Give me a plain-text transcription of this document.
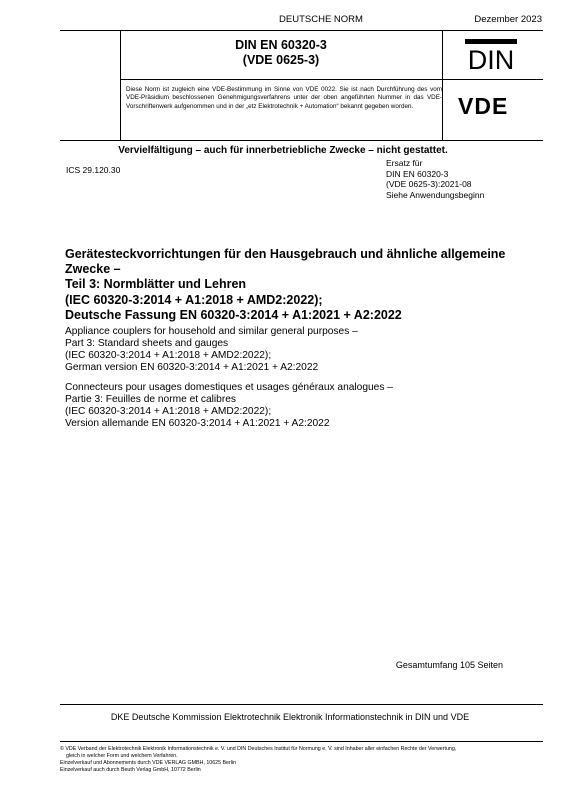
DEUTSCHE NORM	Dezember 2023
DIN EN 60320-3
(VDE 0625-3)
Diese Norm ist zugleich eine VDE-Bestimmung im Sinne von VDE 0022. Sie ist nach Durchführung des vom VDE-Präsidium beschlossenen Genehmigungsverfahrens unter der oben angeführten Nummer in das VDE-Vorschriftenwerk aufgenommen und in der „etz Elektrotechnik + Automation“ bekannt gegeben worden.
DIN
VDE
Vervielfältigung – auch für innerbetriebliche Zwecke – nicht gestattet.
ICS 29.120.30
Ersatz für
DIN EN 60320-3
(VDE 0625-3):2021-08
Siehe Anwendungsbeginn
Gerätesteckvorrichtungen für den Hausgebrauch und ähnliche allgemeine
Zwecke –
Teil 3: Normblätter und Lehren
(IEC 60320-3:2014 + A1:2018 + AMD2:2022);
Deutsche Fassung EN 60320-3:2014 + A1:2021 + A2:2022
Appliance couplers for household and similar general purposes –
Part 3: Standard sheets and gauges
(IEC 60320-3:2014 + A1:2018 + AMD2:2022);
German version EN 60320-3:2014 + A1:2021 + A2:2022
Connecteurs pour usages domestiques et usages généraux analogues –
Partie 3: Feuilles de norme et calibres
(IEC 60320-3:2014 + A1:2018 + AMD2:2022);
Version allemande EN 60320-3:2014 + A1:2021 + A2:2022
Gesamtumfang 105 Seiten
DKE Deutsche Kommission Elektrotechnik Elektronik Informationstechnik in DIN und VDE
© VDE Verband der Elektrotechnik Elektronik Informationstechnik e. V. und DIN Deutsches Institut für Normung e. V. sind Inhaber aller einfachen Rechte der Verwertung,
gleich in welcher Form und welchem Verfahren.
Einzelverkauf und Abonnements durch VDE VERLAG GMBH, 10625 Berlin
Einzelverkauf auch durch Beuth Verlag GmbH, 10772 Berlin
